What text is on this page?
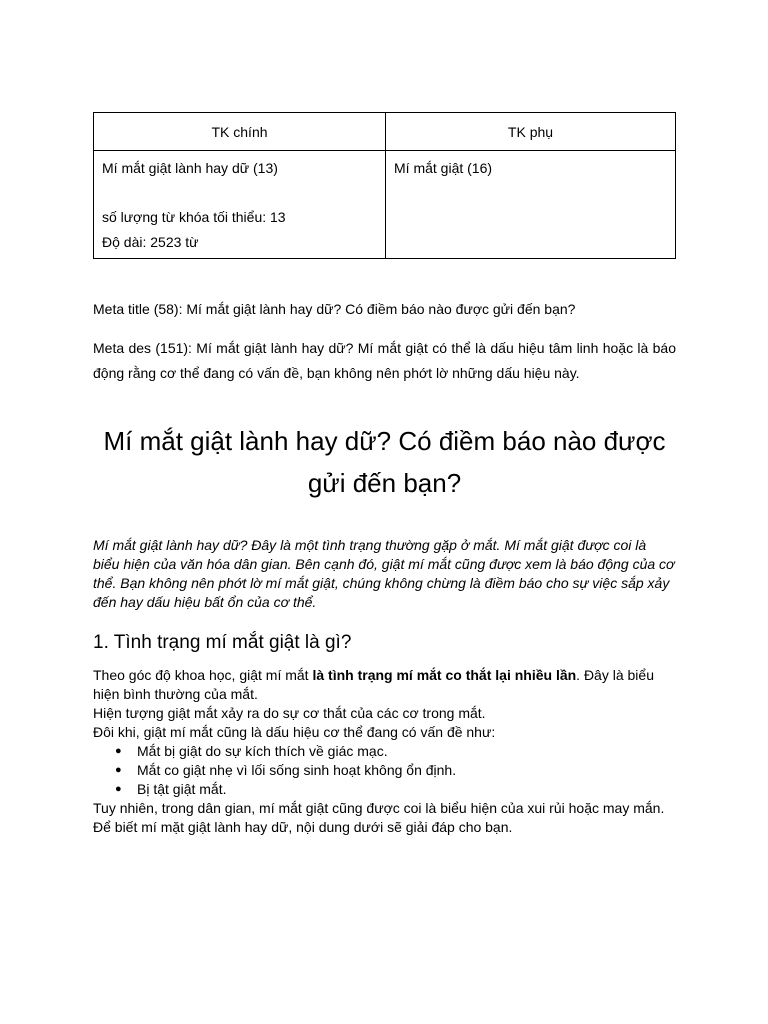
TK chính	TK phụ

Mí mắt giật lành hay dữ (13)
số lượng từ khóa tối thiểu: 13
Độ dài: 2523 từ	Mí mắt giật (16)

Meta title (58): Mí mắt giật lành hay dữ? Có điềm báo nào được gửi đến bạn?

Meta des (151): Mí mắt giật lành hay dữ? Mí mắt giật có thể là dấu hiệu tâm linh hoặc là báo động rằng cơ thể đang có vấn đề, bạn không nên phớt lờ những dấu hiệu này.

Mí mắt giật lành hay dữ? Có điềm báo nào được
gửi đến bạn?

Mí mắt giật lành hay dữ? Đây là một tình trạng thường gặp ở mắt. Mí mắt giật được coi là biểu hiện của văn hóa dân gian. Bên cạnh đó, giật mí mắt cũng được xem là báo động của cơ thể. Bạn không nên phớt lờ mí mắt giật, chúng không chừng là điềm báo cho sự việc sắp xảy đến hay dấu hiệu bất ổn của cơ thể.

1. Tình trạng mí mắt giật là gì?

Theo góc độ khoa học, giật mí mắt là tình trạng mí mắt co thắt lại nhiều lần. Đây là biểu hiện bình thường của mắt.

Hiện tượng giật mắt xảy ra do sự cơ thắt của các cơ trong mắt.

Đôi khi, giật mí mắt cũng là dấu hiệu cơ thể đang có vấn đề như:

● Mắt bị giật do sự kích thích về giác mạc.
● Mắt co giật nhẹ vì lối sống sinh hoạt không ổn định.
● Bị tật giật mắt.

Tuy nhiên, trong dân gian, mí mắt giật cũng được coi là biểu hiện của xui rủi hoặc may mắn. Để biết mí mặt giật lành hay dữ, nội dung dưới sẽ giải đáp cho bạn.
